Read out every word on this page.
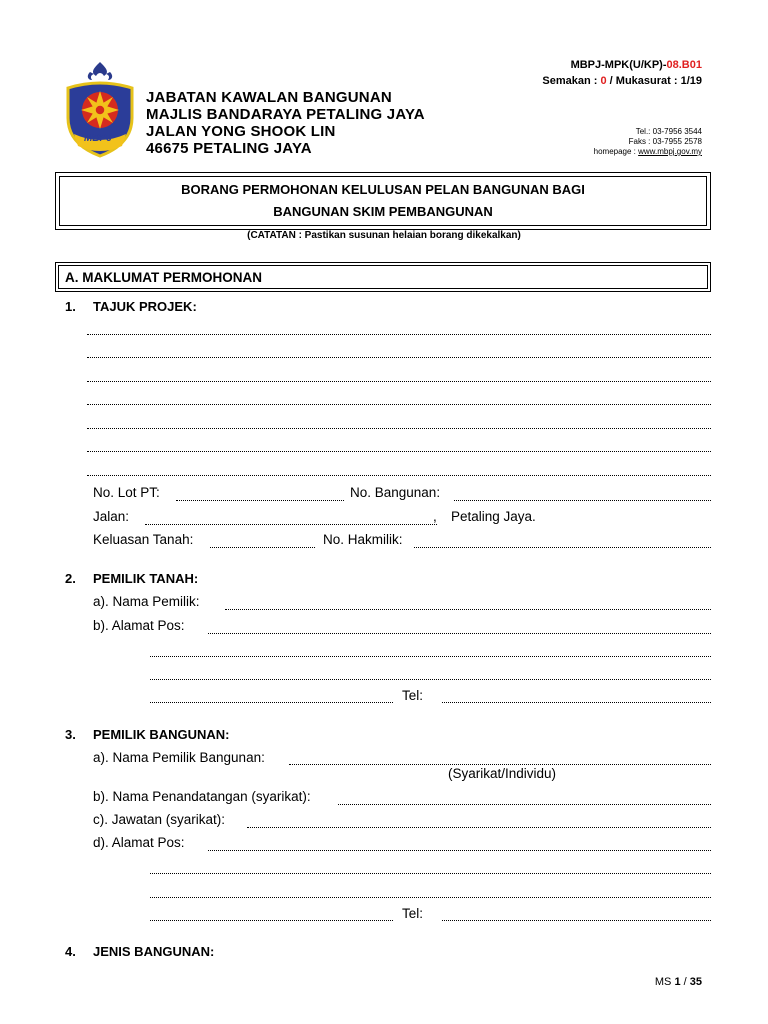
MBPJ
JABATAN KAWALAN BANGUNAN
MAJLIS BANDARAYA PETALING JAYA
JALAN YONG SHOOK LIN
46675 PETALING JAYA
MBPJ-MPK(U/KP)-08.B01
Semakan : 0 / Mukasurat : 1/19
Tel.: 03-7956 3544
Faks : 03-7955 2578
homepage : www.mbpj.gov.my
BORANG PERMOHONAN KELULUSAN PELAN BANGUNAN BAGI
BANGUNAN SKIM PEMBANGUNAN
(CATATAN : Pastikan susunan helaian borang dikekalkan)
A. MAKLUMAT PERMOHONAN
1. TAJUK PROJEK:
No. Lot PT:	No. Bangunan:
Jalan:	, Petaling Jaya.
Keluasan Tanah:	No. Hakmilik:
2. PEMILIK TANAH:
a). Nama Pemilik:
b). Alamat Pos:
Tel:
3. PEMILIK BANGUNAN:
a). Nama Pemilik Bangunan:
(Syarikat/Individu)
b). Nama Penandatangan (syarikat):
c). Jawatan (syarikat):
d). Alamat Pos:
Tel:
4. JENIS BANGUNAN:
MS 1 / 35
